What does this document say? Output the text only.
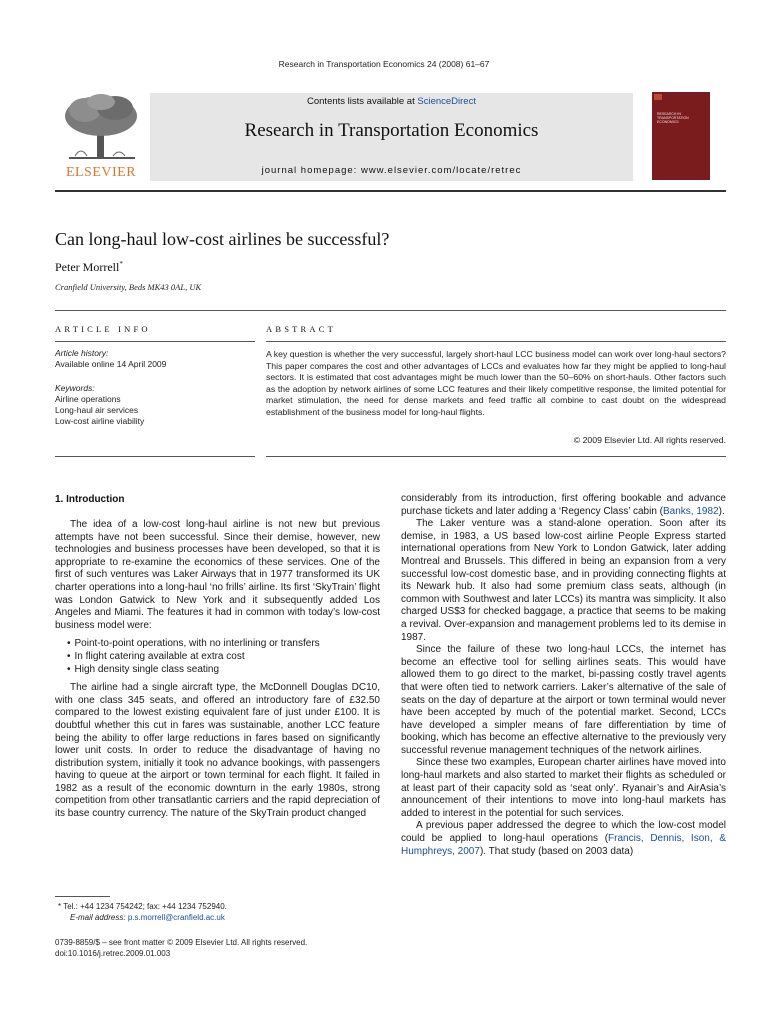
Research in Transportation Economics 24 (2008) 61–67
ELSEVIER
Contents lists available at ScienceDirect
Research in Transportation Economics
journal homepage: www.elsevier.com/locate/retrec
RESEARCH IN TRANSPORTATION ECONOMICS
Can long-haul low-cost airlines be successful?
Peter Morrell*
Cranfield University, Beds MK43 0AL, UK
ARTICLE INFO
Article history:
Available online 14 April 2009
Keywords:
Airline operations
Long-haul air services
Low-cost airline viability
ABSTRACT
A key question is whether the very successful, largely short-haul LCC business model can work over long-haul sectors? This paper compares the cost and other advantages of LCCs and evaluates how far they might be applied to long-haul sectors. It is estimated that cost advantages might be much lower than the 50–60% on short-hauls. Other factors such as the adoption by network airlines of some LCC features and their likely competitive response, the limited potential for market stimulation, the need for dense markets and feed traffic all combine to cast doubt on the widespread establishment of the business model for long-haul flights.
© 2009 Elsevier Ltd. All rights reserved.
1. Introduction

The idea of a low-cost long-haul airline is not new but previous attempts have not been successful. Since their demise, however, new technologies and business processes have been developed, so that it is appropriate to re-examine the economics of these services. One of the first of such ventures was Laker Airways that in 1977 transformed its UK charter operations into a long-haul ‘no frills’ airline. Its first ‘SkyTrain’ flight was London Gatwick to New York and it subsequently added Los Angeles and Miami. The features it had in common with today’s low-cost business model were:

• Point-to-point operations, with no interlining or transfers
• In flight catering available at extra cost
• High density single class seating

The airline had a single aircraft type, the McDonnell Douglas DC10, with one class 345 seats, and offered an introductory fare of £32.50 compared to the lowest existing equivalent fare of just under £100. It is doubtful whether this cut in fares was sustainable, another LCC feature being the ability to offer large reductions in fares based on significantly lower unit costs. In order to reduce the disadvantage of having no distribution system, initially it took no advance bookings, with passengers having to queue at the airport or town terminal for each flight. It failed in 1982 as a result of the economic downturn in the early 1980s, strong competition from other transatlantic carriers and the rapid depreciation of its base country currency. The nature of the SkyTrain product changed

considerably from its introduction, first offering bookable and advance purchase tickets and later adding a ‘Regency Class’ cabin (Banks, 1982).

The Laker venture was a stand-alone operation. Soon after its demise, in 1983, a US based low-cost airline People Express started international operations from New York to London Gatwick, later adding Montreal and Brussels. This differed in being an expansion from a very successful low-cost domestic base, and in providing connecting flights at its Newark hub. It also had some premium class seats, although (in common with Southwest and later LCCs) its mantra was simplicity. It also charged US$3 for checked baggage, a practice that seems to be making a revival. Over-expansion and management problems led to its demise in 1987.

Since the failure of these two long-haul LCCs, the internet has become an effective tool for selling airlines seats. This would have allowed them to go direct to the market, bi-passing costly travel agents that were often tied to network carriers. Laker’s alternative of the sale of seats on the day of departure at the airport or town terminal would never have been accepted by much of the potential market. Second, LCCs have developed a simpler means of fare differentiation by time of booking, which has become an effective alternative to the previously very successful revenue management techniques of the network airlines.

Since these two examples, European charter airlines have moved into long-haul markets and also started to market their flights as scheduled or at least part of their capacity sold as ‘seat only’. Ryanair’s and AirAsia’s announcement of their intentions to move into long-haul markets has added to interest in the potential for such services.

A previous paper addressed the degree to which the low-cost model could be applied to long-haul operations (Francis, Dennis, Ison, & Humphreys, 2007). That study (based on 2003 data)

* Tel.: +44 1234 754242; fax: +44 1234 752940.
E-mail address: p.s.morrell@cranfield.ac.uk
0739-8859/$ – see front matter © 2009 Elsevier Ltd. All rights reserved.
doi:10.1016/j.retrec.2009.01.003
